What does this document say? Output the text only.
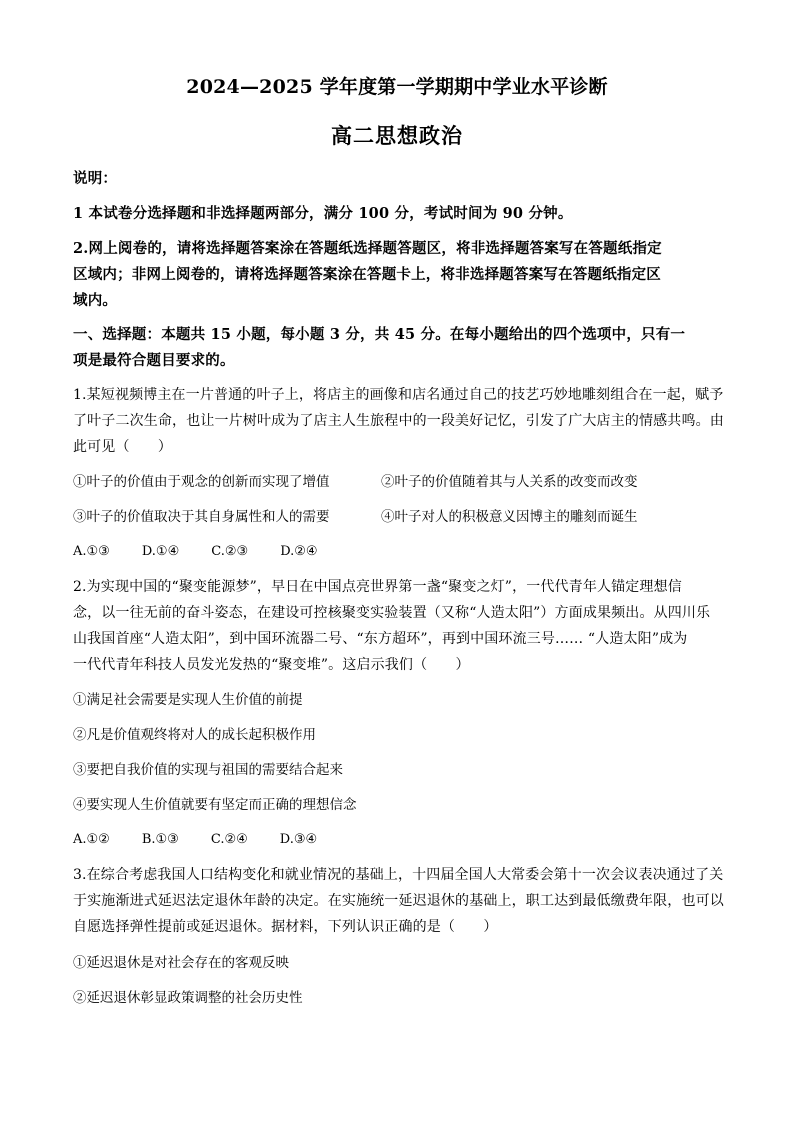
2024—2025 学年度第一学期期中学业水平诊断
高二思想政治
说明：
1 本试卷分选择题和非选择题两部分，满分 100 分，考试时间为 90 分钟。
2.网上阅卷的，请将选择题答案涂在答题纸选择题答题区，将非选择题答案写在答题纸指定
区域内；非网上阅卷的，请将选择题答案涂在答题卡上，将非选择题答案写在答题纸指定区
域内。
一、选择题：本题共 15 小题，每小题 3 分，共 45 分。在每小题给出的四个选项中，只有一
项是最符合题目要求的。
1.某短视频博主在一片普通的叶子上，将店主的画像和店名通过自己的技艺巧妙地雕刻组合在一起，赋予
了叶子二次生命，也让一片树叶成为了店主人生旅程中的一段美好记忆，引发了广大店主的情感共鸣。由
此可见（　　）
①叶子的价值由于观念的创新而实现了增值	②叶子的价值随着其与人关系的改变而改变
③叶子的价值取决于其自身属性和人的需要	④叶子对人的积极意义因博主的雕刻而诞生
A.①③ D.①④ C.②③ D.②④
2.为实现中国的“聚变能源梦”，早日在中国点亮世界第一盏“聚变之灯”，一代代青年人锚定理想信
念，以一往无前的奋斗姿态，在建设可控核聚变实验装置（又称“人造太阳”）方面成果频出。从四川乐
山我国首座“人造太阳”，到中国环流器二号、“东方超环”，再到中国环流三号…… “人造太阳”成为
一代代青年科技人员发光发热的“聚变堆”。这启示我们（　　）
①满足社会需要是实现人生价值的前提
②凡是价值观终将对人的成长起积极作用
③要把自我价值的实现与祖国的需要结合起来
④要实现人生价值就要有坚定而正确的理想信念
A.①② B.①③ C.②④ D.③④
3.在综合考虑我国人口结构变化和就业情况的基础上，十四届全国人大常委会第十一次会议表决通过了关
于实施渐进式延迟法定退休年龄的决定。在实施统一延迟退休的基础上，职工达到最低缴费年限，也可以
自愿选择弹性提前或延迟退休。据材料，下列认识正确的是（　　）
①延迟退休是对社会存在的客观反映
②延迟退休彰显政策调整的社会历史性
